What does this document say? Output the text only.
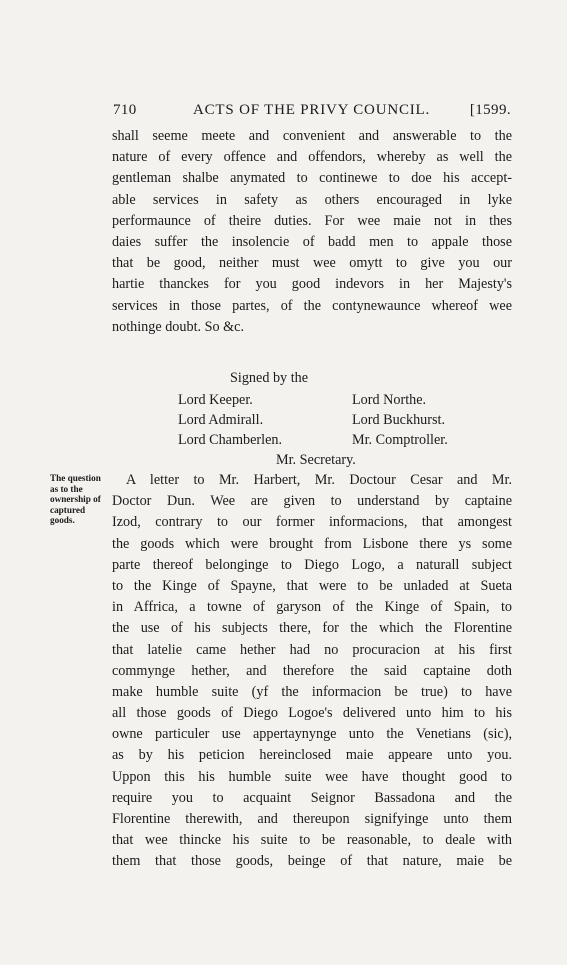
710	ACTS OF THE PRIVY COUNCIL.	[1599.
shall seeme meete and convenient and answerable to the
nature of every offence and offendors, whereby as well the
gentleman shalbe anymated to continewe to doe his accept-
able services in safety as others encouraged in lyke
performaunce of theire duties. For wee maie not in thes
daies suffer the insolencie of badd men to appale those
that be good, neither must wee omytt to give you our
hartie thanckes for you good indevors in her Majesty's
services in those partes, of the contynewaunce whereof wee
nothinge doubt. So &c.
Signed by the
Lord Keeper.
Lord Admirall.
Lord Chamberlen.
Lord Northe.
Lord Buckhurst.
Mr. Comptroller.
Mr. Secretary.
The question
as to the
ownership of
captured
goods.
A letter to Mr. Harbert, Mr. Doctour Cesar and Mr.
Doctor Dun. Wee are given to understand by captaine
Izod, contrary to our former informacions, that amongest
the goods which were brought from Lisbone there ys some
parte thereof belonginge to Diego Logo, a naturall subject
to the Kinge of Spayne, that were to be unladed at Sueta
in Affrica, a towne of garyson of the Kinge of Spain, to
the use of his subjects there, for the which the Florentine
that latelie came hether had no procuracion at his first
commynge hether, and therefore the said captaine doth
make humble suite (yf the informacion be true) to have
all those goods of Diego Logoe's delivered unto him to his
owne particuler use appertaynynge unto the Venetians (sic),
as by his peticion hereinclosed maie appeare unto you.
Uppon this his humble suite wee have thought good to
require you to acquaint Seignor Bassadona and the
Florentine therewith, and thereupon signifyinge unto them
that wee thincke his suite to be reasonable, to deale with
them that those goods, beinge of that nature, maie be
